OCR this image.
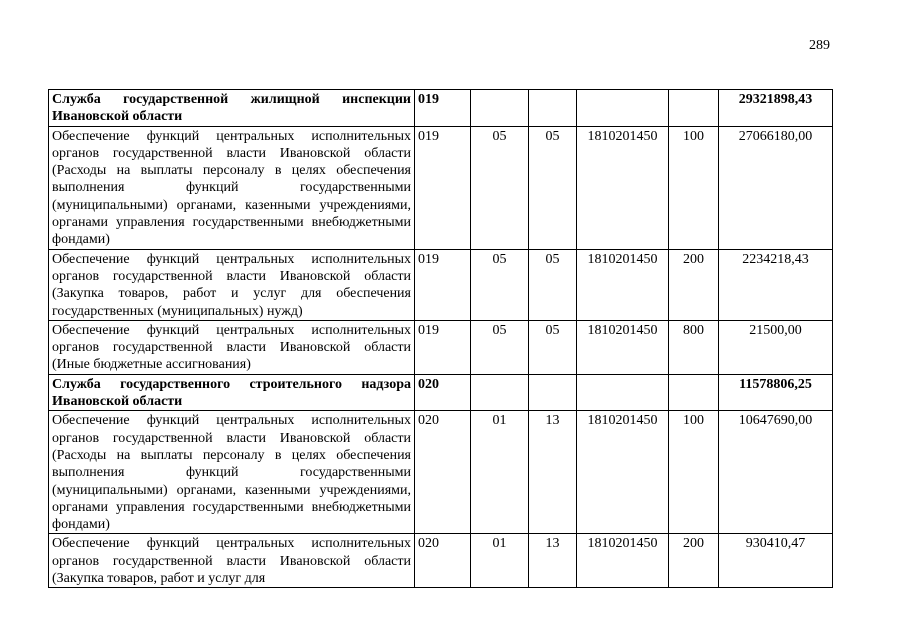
289
Служба государственной жилищной инспекции Ивановской области	019					29321898,43
Обеспечение функций центральных исполнительных органов государственной власти Ивановской области (Расходы на выплаты персоналу в целях обеспечения выполнения функций государственными (муниципальными) органами, казенными учреждениями, органами управления государственными внебюджетными фондами)	019	05	05	1810201450	100	27066180,00
Обеспечение функций центральных исполнительных органов государственной власти Ивановской области (Закупка товаров, работ и услуг для обеспечения государственных (муниципальных) нужд)	019	05	05	1810201450	200	2234218,43
Обеспечение функций центральных исполнительных органов государственной власти Ивановской области (Иные бюджетные ассигнования)	019	05	05	1810201450	800	21500,00
Служба государственного строительного надзора Ивановской области	020					11578806,25
Обеспечение функций центральных исполнительных органов государственной власти Ивановской области (Расходы на выплаты персоналу в целях обеспечения выполнения функций государственными (муниципальными) органами, казенными учреждениями, органами управления государственными внебюджетными фондами)	020	01	13	1810201450	100	10647690,00
Обеспечение функций центральных исполнительных органов государственной власти Ивановской области (Закупка товаров, работ и услуг для	020	01	13	1810201450	200	930410,47
